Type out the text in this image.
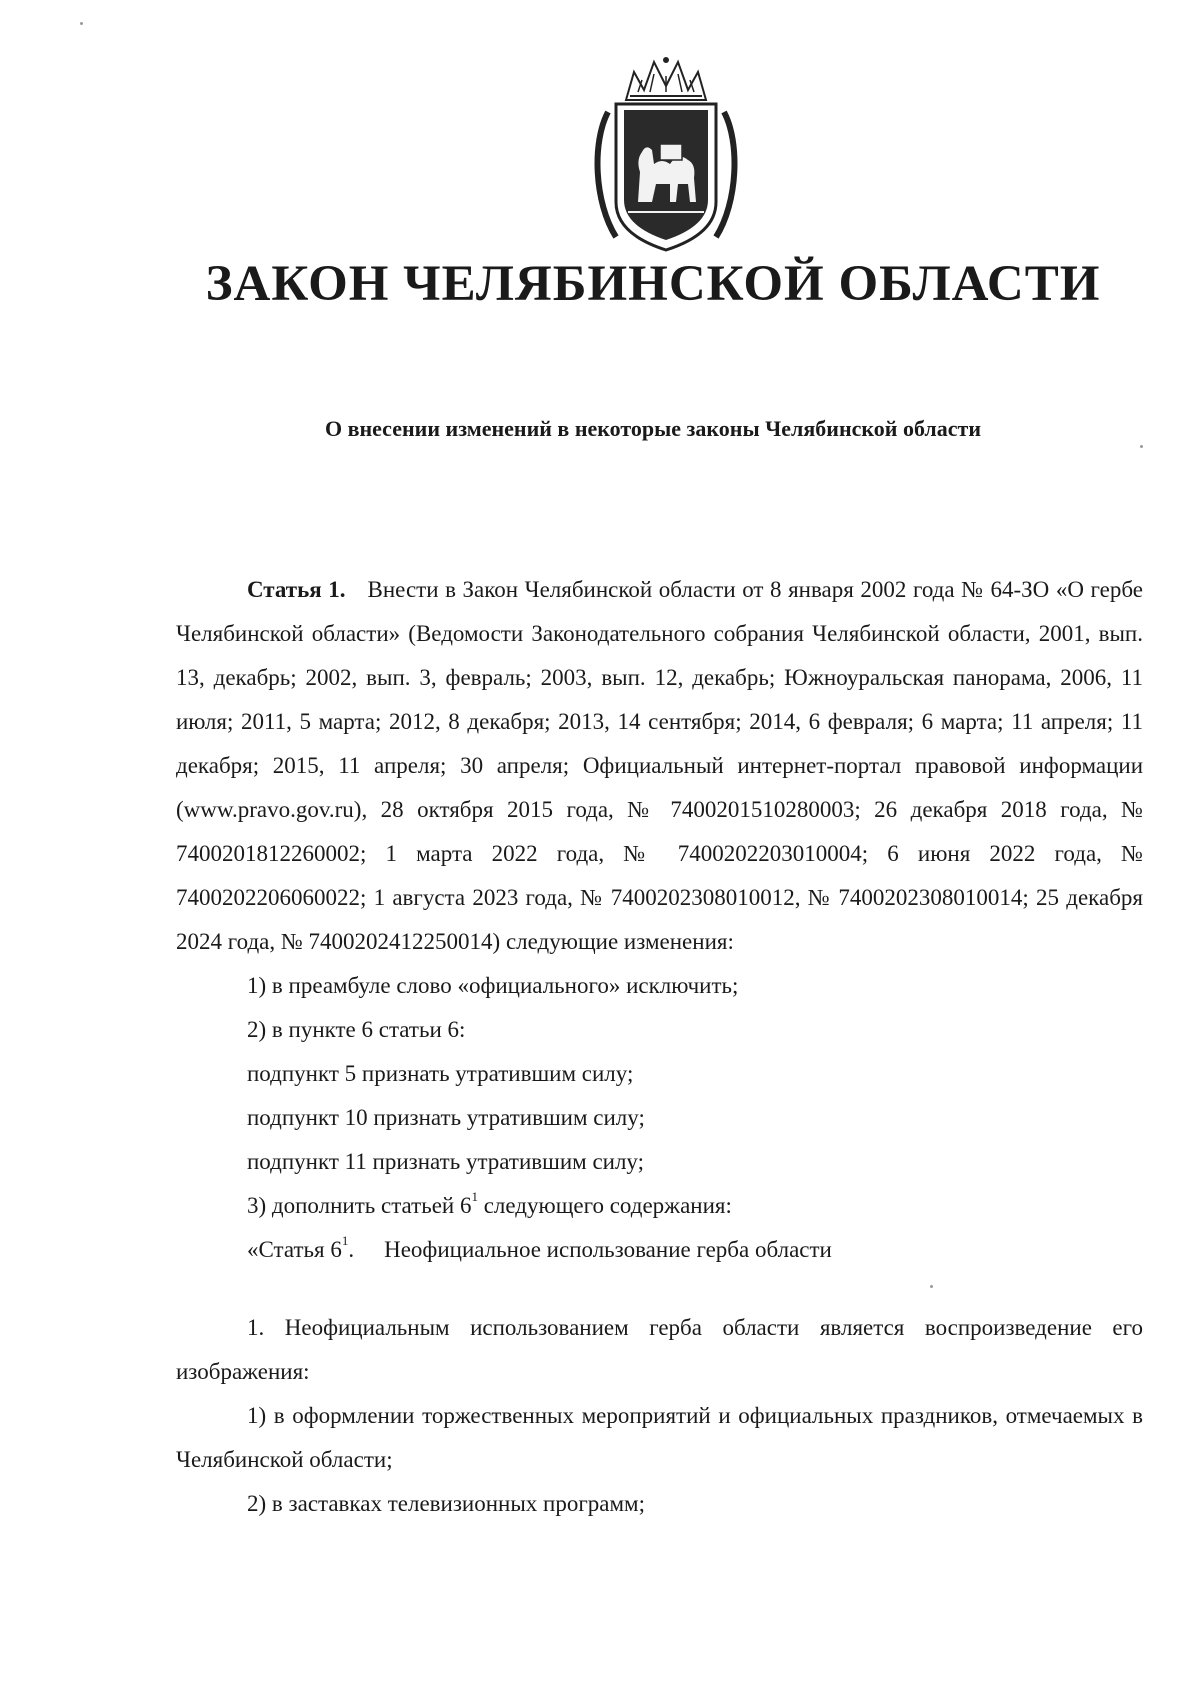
ЗАКОН ЧЕЛЯБИНСКОЙ ОБЛАСТИ
О внесении изменений в некоторые законы Челябинской области

Статья 1. Внести в Закон Челябинской области от 8 января 2002 года № 64-ЗО «О гербе Челябинской области» (Ведомости Законодательного собрания Челябинской области, 2001, вып. 13, декабрь; 2002, вып. 3, февраль; 2003, вып. 12, декабрь; Южноуральская панорама, 2006, 11 июля; 2011, 5 марта; 2012, 8 декабря; 2013, 14 сентября; 2014, 6 февраля; 6 марта; 11 апреля; 11 декабря; 2015, 11 апреля; 30 апреля; Официальный интернет-портал правовой информации (www.pravo.gov.ru), 28 октября 2015 года, № 7400201510280003; 26 декабря 2018 года, № 7400201812260002; 1 марта 2022 года, № 7400202203010004; 6 июня 2022 года, № 7400202206060022; 1 августа 2023 года, № 7400202308010012, № 7400202308010014; 25 декабря 2024 года, № 7400202412250014) следующие изменения:

1) в преамбуле слово «официального» исключить;

2) в пункте 6 статьи 6:

подпункт 5 признать утратившим силу;

подпункт 10 признать утратившим силу;

подпункт 11 признать утратившим силу;

3) дополнить статьей $6^1$ следующего содержания:

«Статья $6^1$. Неофициальное использование герба области

1. Неофициальным использованием герба области является воспроизведение его изображения:

1) в оформлении торжественных мероприятий и официальных праздников, отмечаемых в Челябинской области;

2) в заставках телевизионных программ;
